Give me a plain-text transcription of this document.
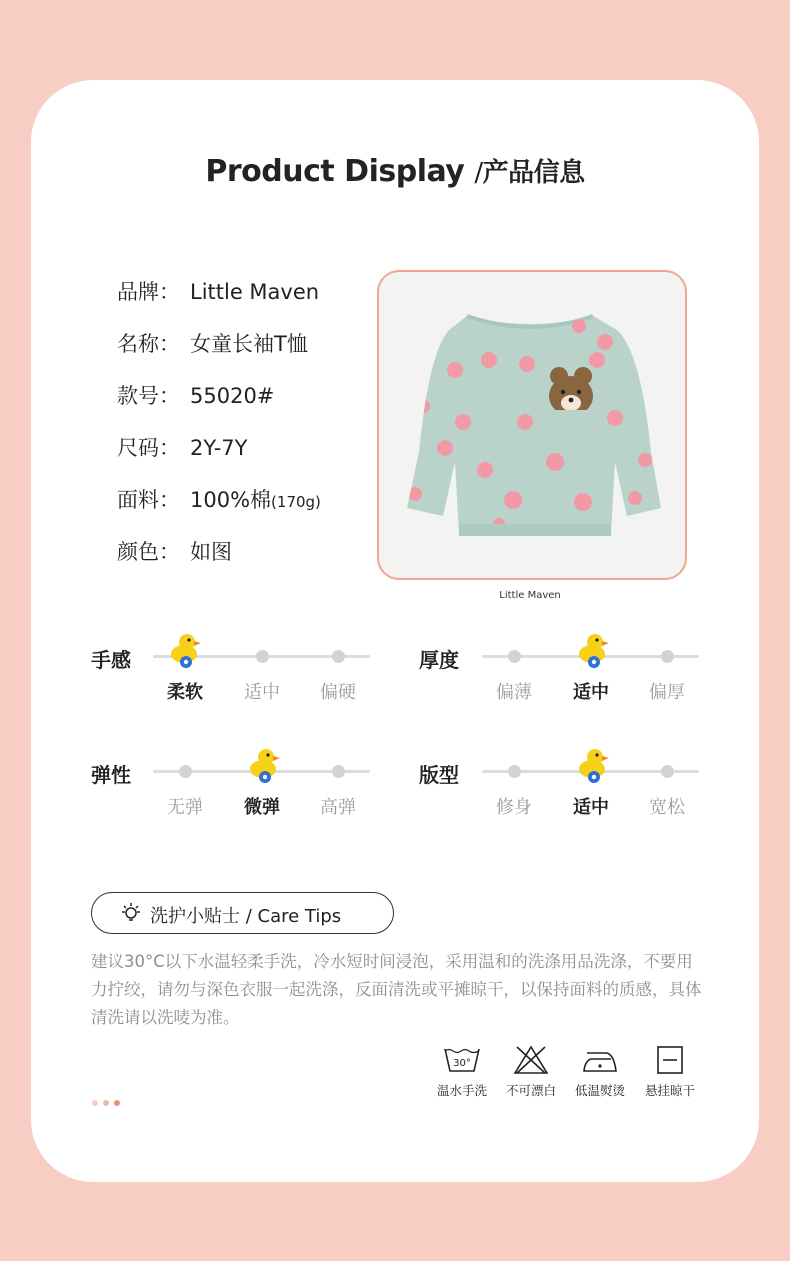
Product Display /产品信息
品牌： Little Maven
名称： 女童长袖T恤
款号： 55020#
尺码： 2Y-7Y
面料： 100%棉(170g)
颜色： 如图
Little Maven
手感
柔软	适中	偏硬
厚度
偏薄	适中	偏厚
弹性
无弹	微弹	高弹
版型
修身	适中	宽松
洗护小贴士 / Care Tips
建议30°C以下水温轻柔手洗，冷水短时间浸泡，采用温和的洗涤用品洗涤，不要用
力拧绞，请勿与深色衣服一起洗涤，反面清洗或平摊晾干，以保持面料的质感，具体
清洗请以洗唛为准。
30°
温水手洗	不可漂白	低温熨烫	悬挂晾干
